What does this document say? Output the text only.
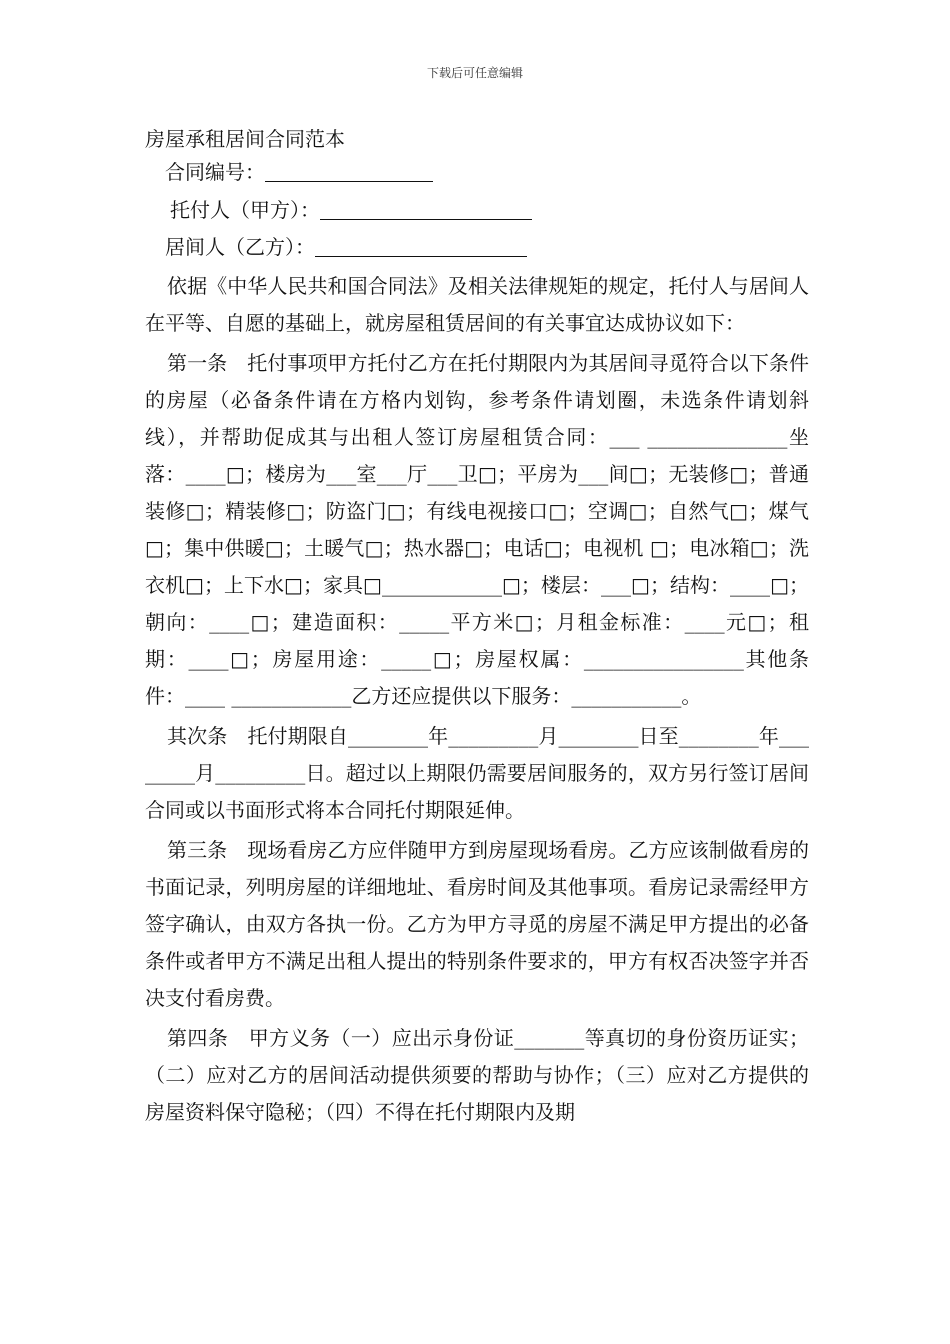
下载后可任意编辑
房屋承租居间合同范本
合同编号：
托付人（甲方）：
居间人（乙方）：

依据《中华人民共和国合同法》及相关法律规矩的规定，托付人与居间人在平等、自愿的基础上，就房屋租赁居间的有关事宜达成协议如下：

第一条　托付事项甲方托付乙方在托付期限内为其居间寻觅符合以下条件的房屋（必备条件请在方格内划钩，参考条件请划圈，未选条件请划斜线），并帮助促成其与出租人签订房屋租赁合同：___ ______________坐落：____□；楼房为___室___厅___卫□；平房为___间□；无装修□；普通装修□；精装修□；防盗门□；有线电视接口□；空调□；自然气□；煤气□；集中供暖□；土暖气□；热水器□；电话□；电视机 □；电冰箱□；洗衣机□；上下水□；家具□____________□；楼层：___□；结构：____□；朝向：____□；建造面积：_____平方米□；月租金标准：____元□；租期：____□；房屋用途：_____□；房屋权属：________________其他条件：____ ____________乙方还应提供以下服务：___________。

其次条　托付期限自________年_________月________日至________年________月_________日。超过以上期限仍需要居间服务的，双方另行签订居间合同或以书面形式将本合同托付期限延伸。

第三条　现场看房乙方应伴随甲方到房屋现场看房。乙方应该制做看房的书面记录，列明房屋的详细地址、看房时间及其他事项。看房记录需经甲方签字确认，由双方各执一份。乙方为甲方寻觅的房屋不满足甲方提出的必备条件或者甲方不满足出租人提出的特别条件要求的，甲方有权否决签字并否决支付看房费。

第四条　甲方义务（一）应出示身份证_______等真切的身份资历证实；（二）应对乙方的居间活动提供须要的帮助与协作；（三）应对乙方提供的房屋资料保守隐秘；（四）不得在托付期限内及期
